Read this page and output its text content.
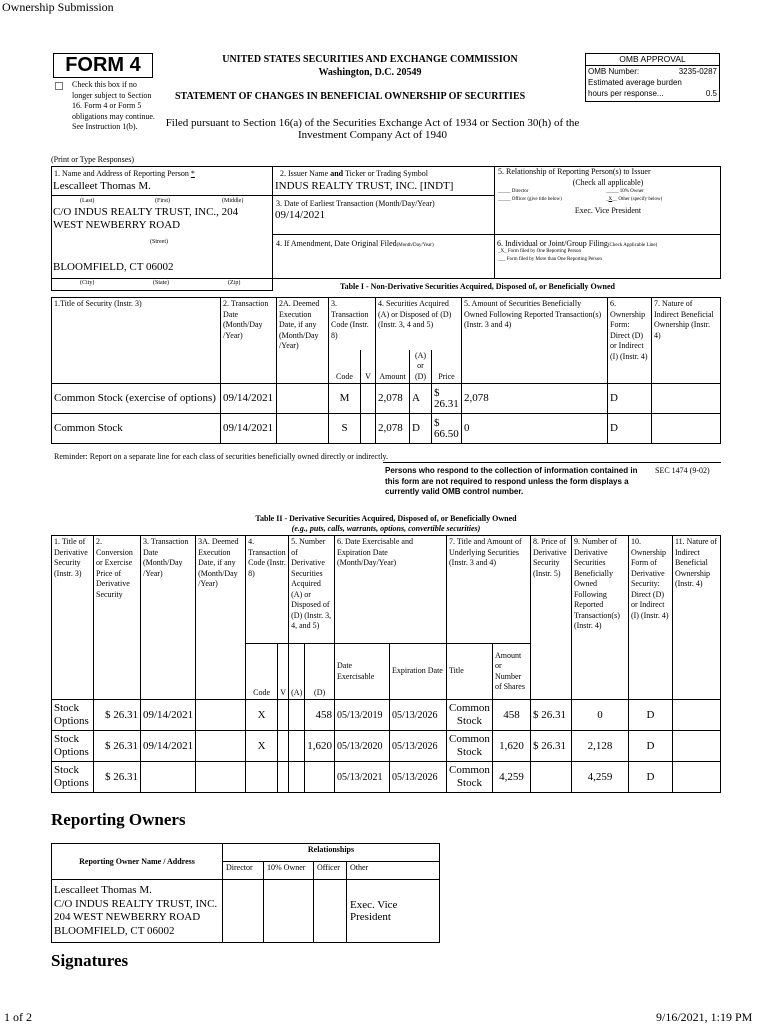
Ownership Submission
1 of 2	9/16/2021, 1:19 PM
FORM 4
Check this box if no longer subject to Section 16. Form 4 or Form 5 obligations may continue. See Instruction 1(b).
UNITED STATES SECURITIES AND EXCHANGE COMMISSION
Washington, D.C. 20549
STATEMENT OF CHANGES IN BENEFICIAL OWNERSHIP OF SECURITIES
Filed pursuant to Section 16(a) of the Securities Exchange Act of 1934 or Section 30(h) of the Investment Company Act of 1940
OMB APPROVAL
OMB Number:	3235-0287
Estimated average burden
hours per response...	0.5
(Print or Type Responses)
1. Name and Address of Reporting Person *
Lescalleet Thomas M.
(Last)	(First)	(Middle)
C/O INDUS REALTY TRUST, INC., 204
WEST NEWBERRY ROAD
(Street)
BLOOMFIELD, CT 06002
(City)	(State)	(Zip)
2. Issuer Name and Ticker or Trading Symbol
INDUS REALTY TRUST, INC. [INDT]
3. Date of Earliest Transaction (Month/Day/Year)
09/14/2021
4. If Amendment, Date Original Filed(Month/Day/Year)
5. Relationship of Reporting Person(s) to Issuer
(Check all applicable)
_____ Director	_____ 10% Owner
_____ Officer (give title below)	_X__ Other (specify below)
Exec. Vice President
6. Individual or Joint/Group Filing(Check Applicable Line)
_X_ Form filed by One Reporting Person
___ Form filed by More than One Reporting Person
Table I - Non-Derivative Securities Acquired, Disposed of, or Beneficially Owned
1.Title of Security (Instr. 3)	2. Transaction Date (Month/Day /Year)	2A. Deemed Execution Date, if any (Month/Day /Year)	3. Transaction Code (Instr. 8)		4. Securities Acquired (A) or Disposed of (D) (Instr. 3, 4 and 5)			5. Amount of Securities Beneficially Owned Following Reported Transaction(s) (Instr. 3 and 4)	6. Ownership Form: Direct (D) or Indirect (I) (Instr. 4)	7. Nature of Indirect Beneficial Ownership (Instr. 4)
			Code	V	Amount	(A) or (D)	Price			
Common Stock (exercise of options)	09/14/2021		M		2,078	A	$
26.31	2,078	D	
Common Stock	09/14/2021		S		2,078	D	$
66.50	0	D	
Reminder: Report on a separate line for each class of securities beneficially owned directly or indirectly.
Persons who respond to the collection of information contained in this form are not required to respond unless the form displays a currently valid OMB control number.
SEC 1474 (9-02)
Table II - Derivative Securities Acquired, Disposed of, or Beneficially Owned
(e.g., puts, calls, warrants, options, convertible securities)
1. Title of Derivative Security (Instr. 3)	2. Conversion or Exercise Price of Derivative Security	3. Transaction Date (Month/Day /Year)	3A. Deemed Execution Date, if any (Month/Day /Year)	4. Transaction Code (Instr. 8)		5. Number of Derivative Securities Acquired (A) or Disposed of (D) (Instr. 3, 4, and 5)		6. Date Exercisable and Expiration Date (Month/Day/Year)		7. Title and Amount of Underlying Securities (Instr. 3 and 4)		8. Price of Derivative Security (Instr. 5)	9. Number of Derivative Securities Beneficially Owned Following Reported Transaction(s) (Instr. 4)	10. Ownership Form of Derivative Security: Direct (D) or Indirect (I) (Instr. 4)	11. Nature of Indirect Beneficial Ownership (Instr. 4)
				Code	V	(A)	(D)	Date Exercisable	Expiration Date	Title	Amount or Number of Shares				
Stock Options	$ 26.31	09/14/2021		X			458	05/13/2019	05/13/2026	Common Stock	458	$ 26.31	0	D	
Stock Options	$ 26.31	09/14/2021		X			1,620	05/13/2020	05/13/2026	Common Stock	1,620	$ 26.31	2,128	D	
Stock Options	$ 26.31							05/13/2021	05/13/2026	Common Stock	4,259		4,259	D	
Reporting Owners
Reporting Owner Name / Address	Relationships			
	Director	10% Owner	Officer	Other

Lescalleet Thomas M.
C/O INDUS REALTY TRUST, INC.
204 WEST NEWBERRY ROAD
BLOOMFIELD, CT 06002				Exec. Vice President
Signatures
